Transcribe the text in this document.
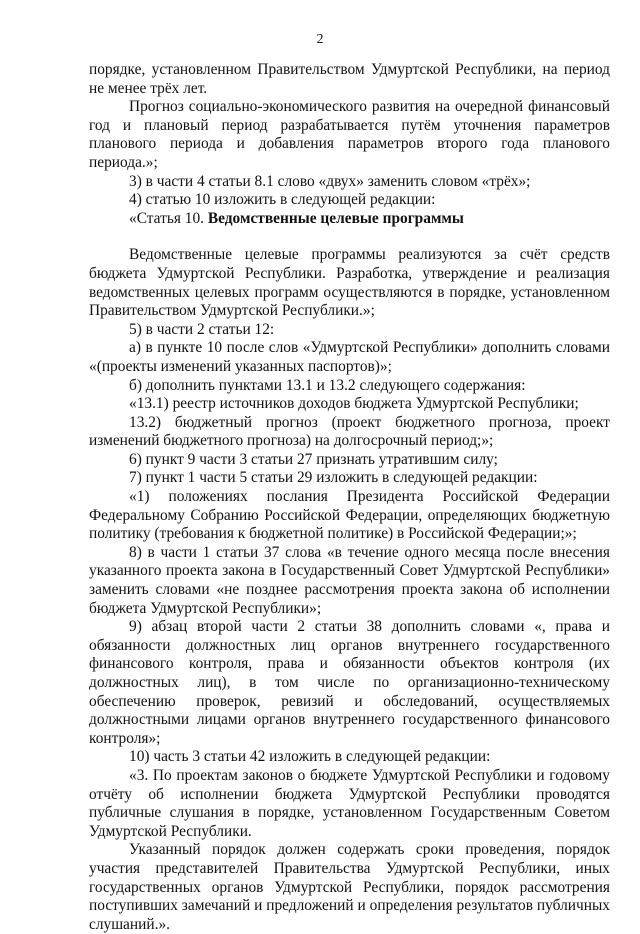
2

порядке, установленном Правительством Удмуртской Республики, на период не менее трёх лет.

Прогноз социально-экономического развития на очередной финансовый год и плановый период разрабатывается путём уточнения параметров планового периода и добавления параметров второго года планового периода.»;

3) в части 4 статьи 8.1 слово «двух» заменить словом «трёх»;

4) статью 10 изложить в следующей редакции:

«Статья 10. Ведомственные целевые программы

Ведомственные целевые программы реализуются за счёт средств бюджета Удмуртской Республики. Разработка, утверждение и реализация ведомственных целевых программ осуществляются в порядке, установленном Правительством Удмуртской Республики.»;

5) в части 2 статьи 12:

а) в пункте 10 после слов «Удмуртской Республики» дополнить словами «(проекты изменений указанных паспортов)»;

б) дополнить пунктами 13.1 и 13.2 следующего содержания:

«13.1) реестр источников доходов бюджета Удмуртской Республики;

13.2) бюджетный прогноз (проект бюджетного прогноза, проект изменений бюджетного прогноза) на долгосрочный период;»;

6) пункт 9 части 3 статьи 27 признать утратившим силу;

7) пункт 1 части 5 статьи 29 изложить в следующей редакции:

«1) положениях послания Президента Российской Федерации Федеральному Собранию Российской Федерации, определяющих бюджетную политику (требования к бюджетной политике) в Российской Федерации;»;

8) в части 1 статьи 37 слова «в течение одного месяца после внесения указанного проекта закона в Государственный Совет Удмуртской Республики» заменить словами «не позднее рассмотрения проекта закона об исполнении бюджета Удмуртской Республики»;

9) абзац второй части 2 статьи 38 дополнить словами «, права и обязанности должностных лиц органов внутреннего государственного финансового контроля, права и обязанности объектов контроля (их должностных лиц), в том числе по организационно-техническому обеспечению проверок, ревизий и обследований, осуществляемых должностными лицами органов внутреннего государственного финансового контроля»;

10) часть 3 статьи 42 изложить в следующей редакции:

«3. По проектам законов о бюджете Удмуртской Республики и годовому отчёту об исполнении бюджета Удмуртской Республики проводятся публичные слушания в порядке, установленном Государственным Советом Удмуртской Республики.

Указанный порядок должен содержать сроки проведения, порядок участия представителей Правительства Удмуртской Республики, иных государственных органов Удмуртской Республики, порядок рассмотрения поступивших замечаний и предложений и определения результатов публичных слушаний.».
